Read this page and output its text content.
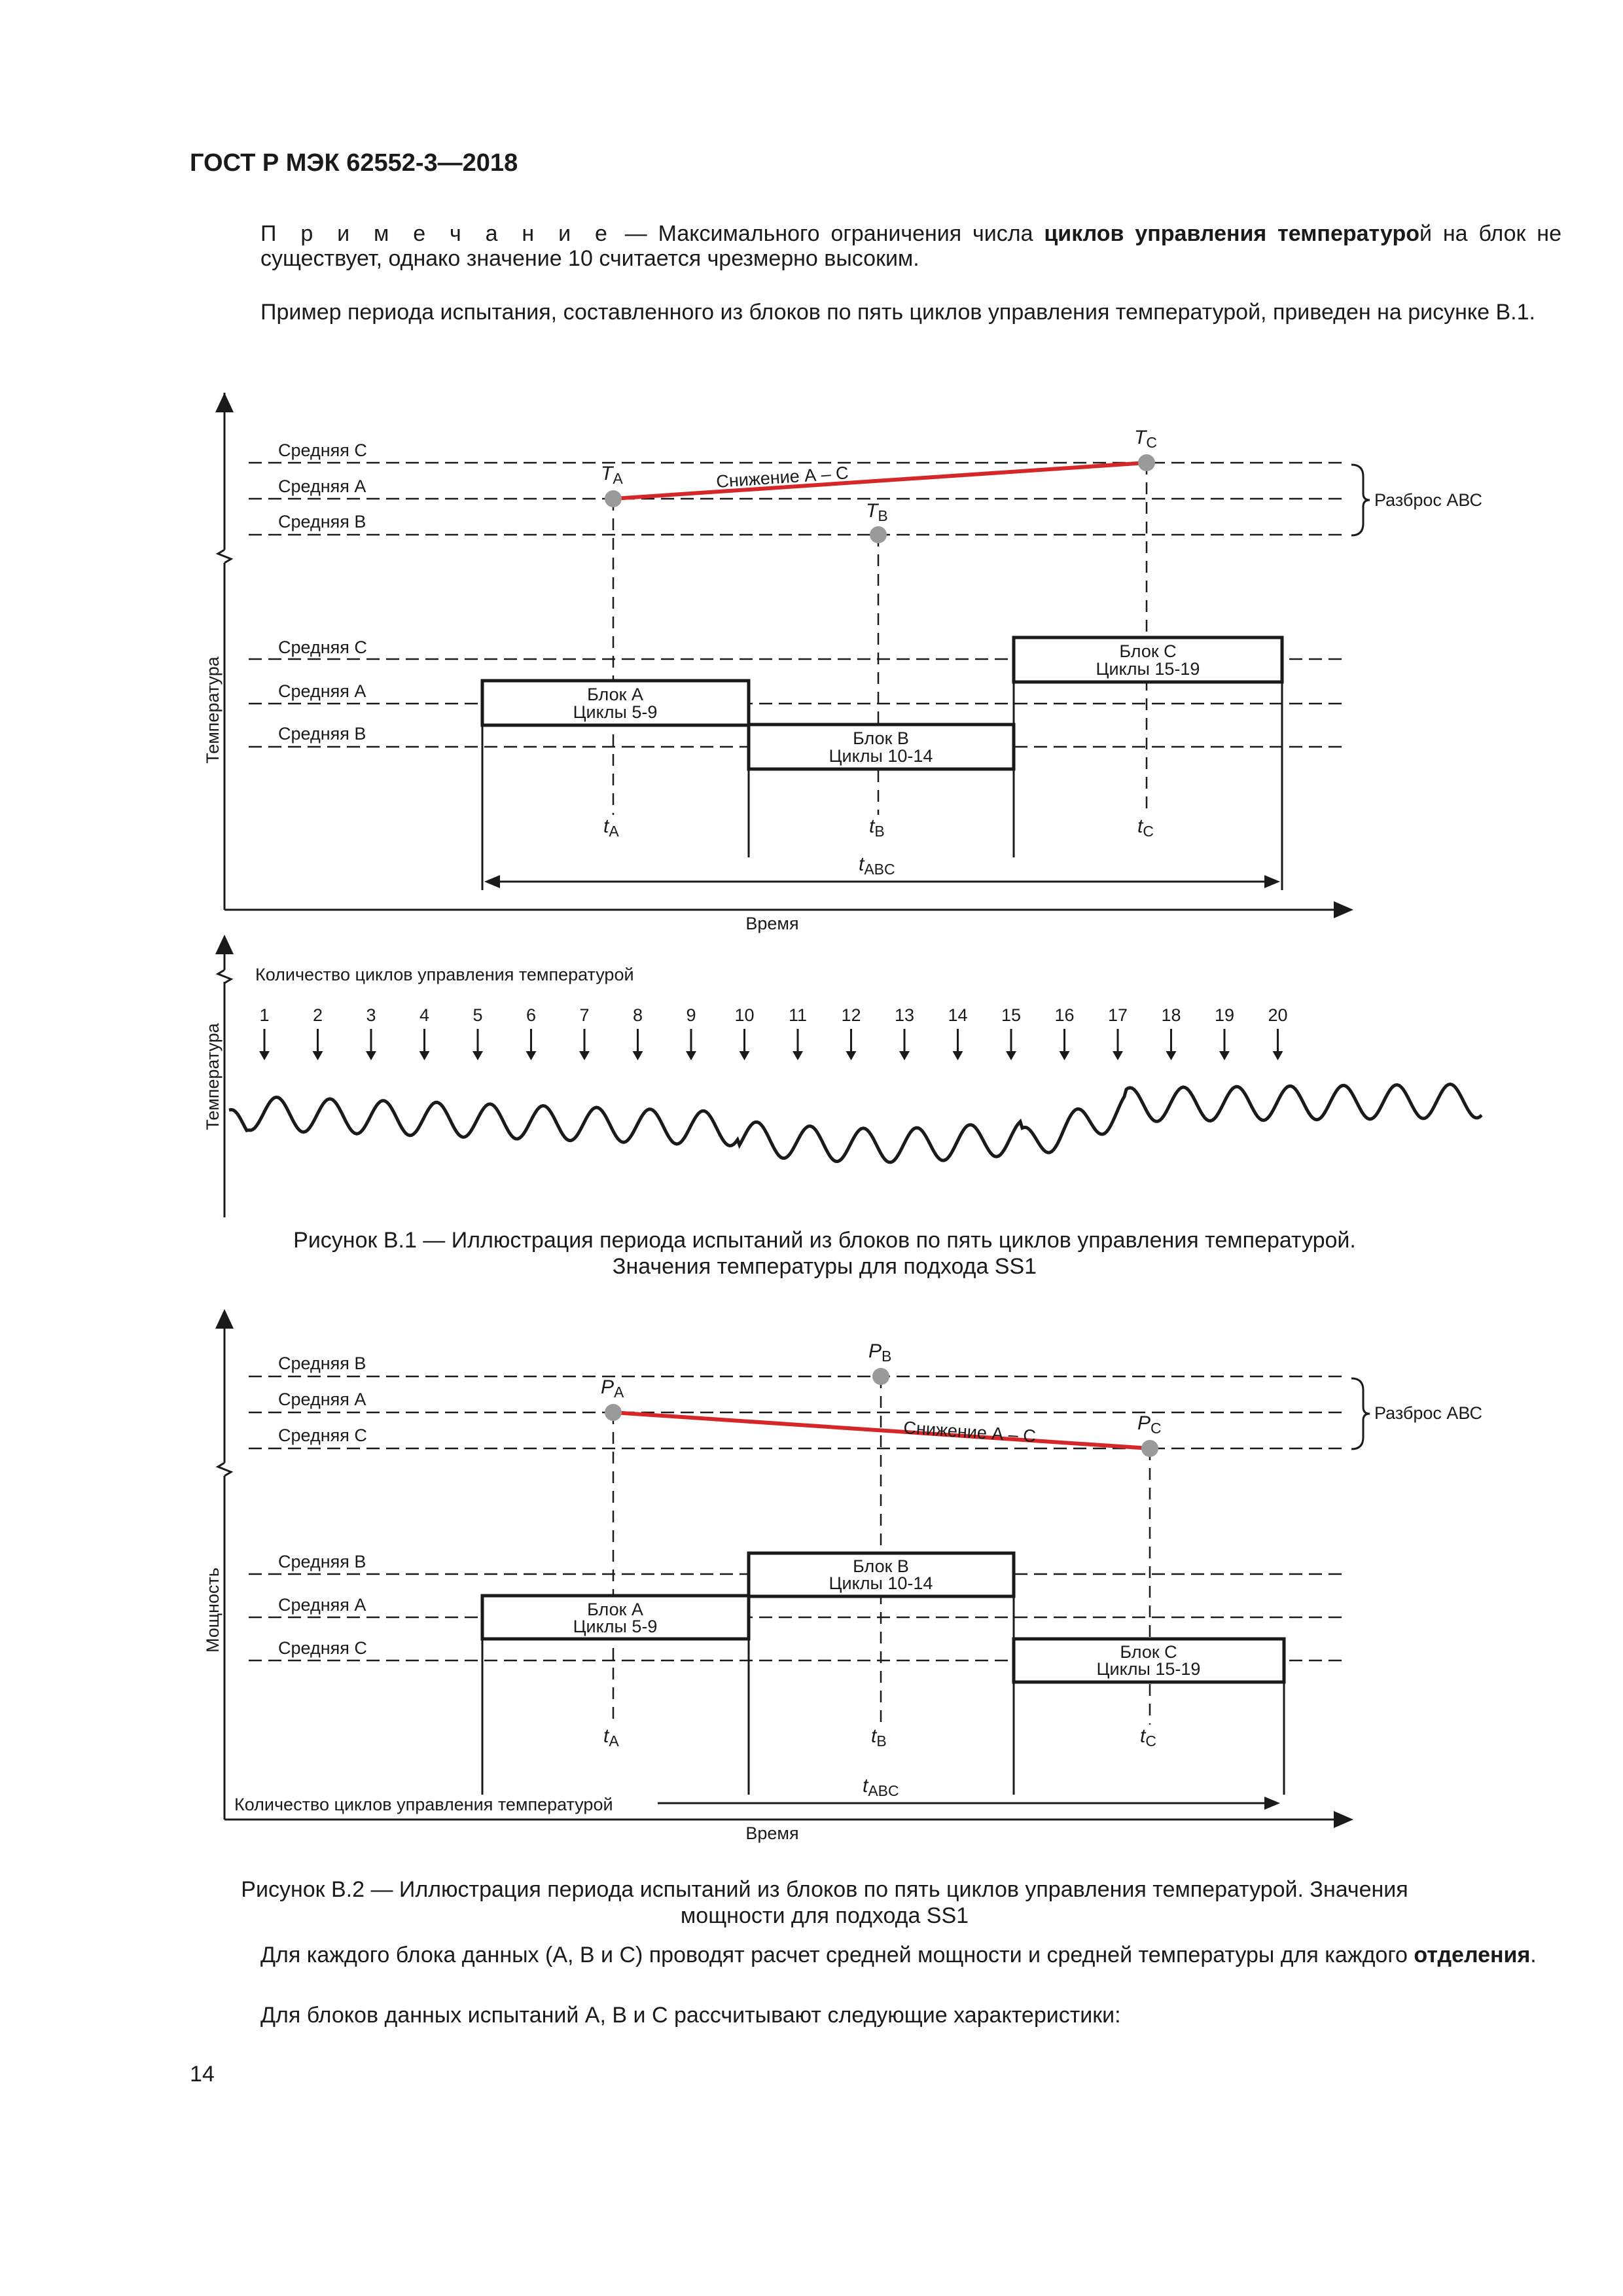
ГОСТ Р МЭК 62552-3—2018
П р и м е ч а н и е — Максимального ограничения числа циклов управления температурой на блок не существует, однако значение 10 считается чрезмерно высоким.
Пример периода испытания, составленного из блоков по пять циклов управления температурой, приведен на рисунке В.1.
Температура
Время
Средняя С
Средняя А
Средняя В
Разброс АВС
Снижение А – С
TA
TB
TC
Средняя С
Средняя А
Средняя В
Блок А
Циклы 5-9
Блок В
Циклы 10-14
Блок С
Циклы 15-19
tA	tB	tC
tABC
Температура
Количество циклов управления температурой
1 2 3 4 5 6 7 8 9 10 11 12 13 14 15 16 17 18 19 20
Рисунок В.1 — Иллюстрация периода испытаний из блоков по пять циклов управления температурой.
Значения температуры для подхода SS1
Мощность
Время
Средняя В
Средняя А
Средняя С
Разброс АВС
Снижение А – С
PA
PB
PC
Средняя В
Средняя А
Средняя С
Блок А
Циклы 5-9
Блок В
Циклы 10-14
Блок С
Циклы 15-19
tA	tB	tC
Количество циклов управления температурой
tABC
Рисунок В.2 — Иллюстрация периода испытаний из блоков по пять циклов управления температурой. Значения
мощности для подхода SS1
Для каждого блока данных (А, В и С) проводят расчет средней мощности и средней температуры для каждого отделения.
Для блоков данных испытаний А, В и С рассчитывают следующие характеристики:
14
